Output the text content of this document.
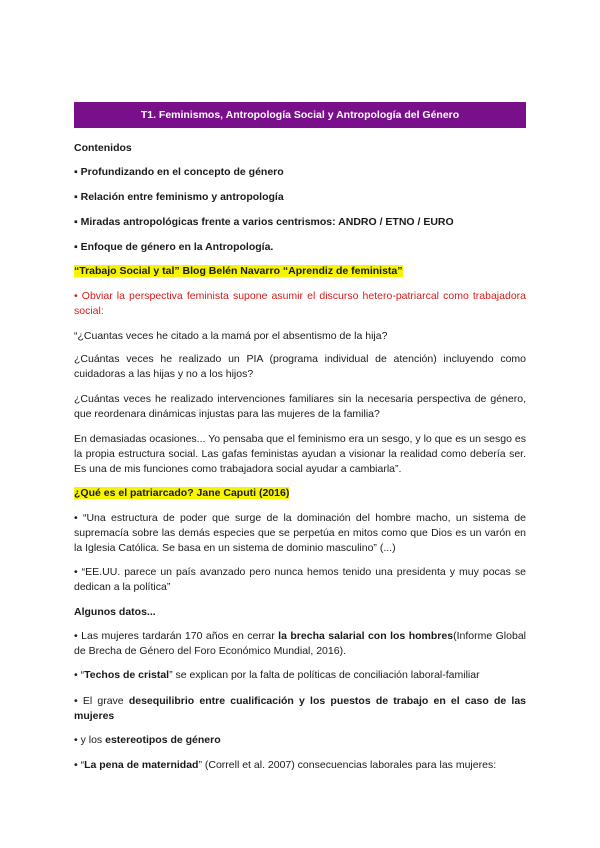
T1. Feminismos, Antropología Social y Antropología del Género
Contenidos
▪ Profundizando en el concepto de género
▪ Relación entre feminismo y antropología
▪ Miradas antropológicas frente a varios centrismos: ANDRO / ETNO / EURO
▪ Enfoque de género en la Antropología.
“Trabajo Social y tal” Blog Belén Navarro “Aprendiz de feminista”
• Obviar la perspectiva feminista supone asumir el discurso hetero-patriarcal como trabajadora social:
“¿Cuantas veces he citado a la mamá por el absentismo de la hija?
¿Cuántas veces he realizado un PIA (programa individual de atención) incluyendo como cuidadoras a las hijas y no a los hijos?
¿Cuántas veces he realizado intervenciones familiares sin la necesaria perspectiva de género, que reordenara dinámicas injustas para las mujeres de la familia?
En demasiadas ocasiones... Yo pensaba que el feminismo era un sesgo, y lo que es un sesgo es la propia estructura social. Las gafas feministas ayudan a visionar la realidad como debería ser. Es una de mis funciones como trabajadora social ayudar a cambiarla”.
¿Qué es el patriarcado? Jane Caputi (2016)
• “Una estructura de poder que surge de la dominación del hombre macho, un sistema de supremacía sobre las demás especies que se perpetúa en mitos como que Dios es un varón en la Iglesia Católica. Se basa en un sistema de dominio masculino” (...)
• “EE.UU. parece un país avanzado pero nunca hemos tenido una presidenta y muy pocas se dedican a la política”
Algunos datos...
• Las mujeres tardarán 170 años en cerrar la brecha salarial con los hombres(Informe Global de Brecha de Género del Foro Económico Mundial, 2016).
• “Techos de cristal” se explican por la falta de políticas de conciliación laboral-familiar
• El grave desequilibrio entre cualificación y los puestos de trabajo en el caso de las mujeres
• y los estereotipos de género
• “La pena de maternidad” (Correll et al. 2007) consecuencias laborales para las mujeres:
